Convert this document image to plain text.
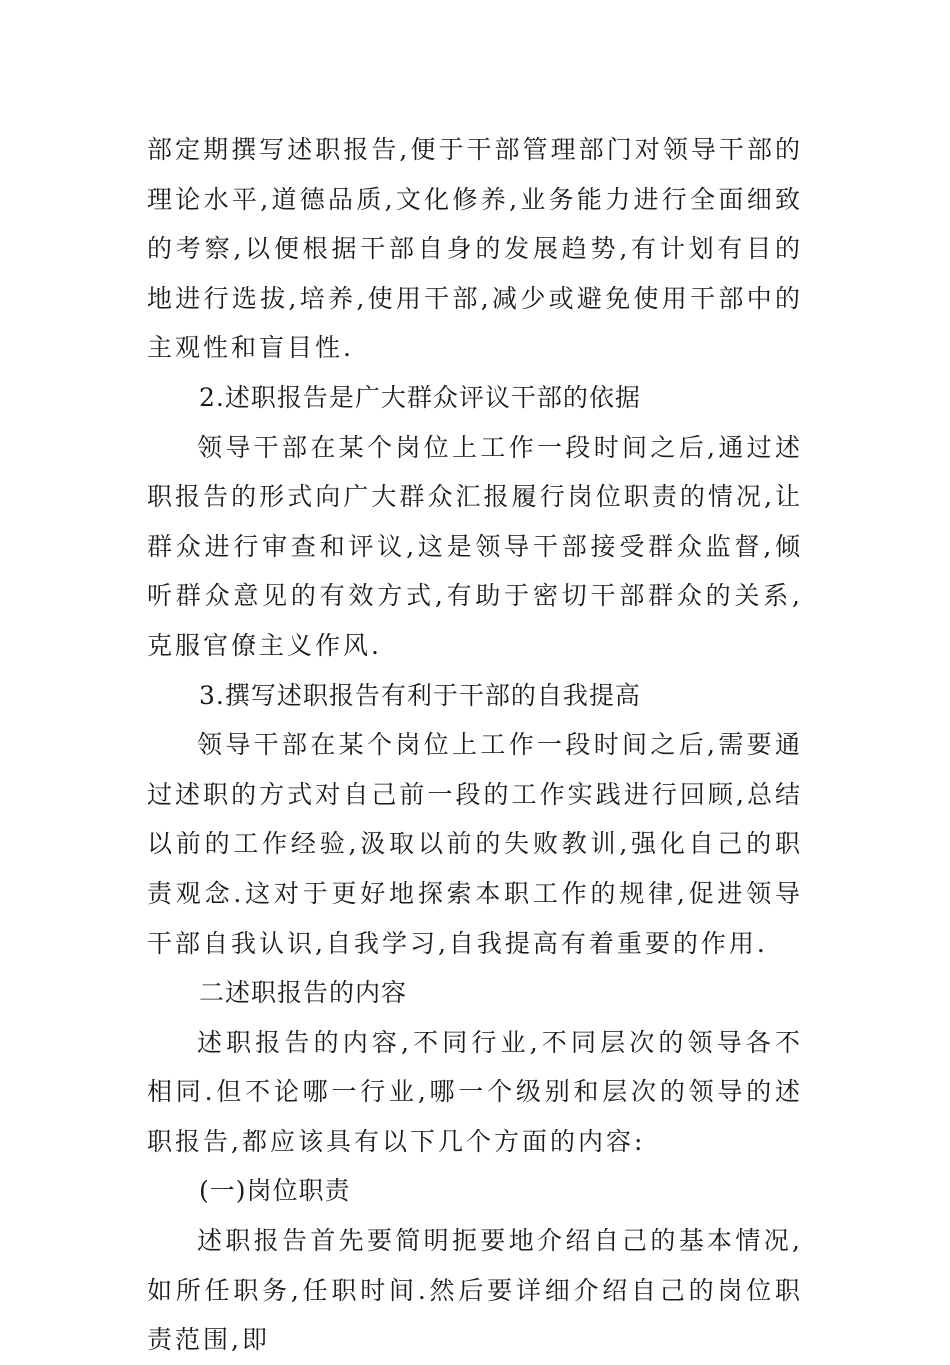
部定期撰写述职报告,便于干部管理部门对领导干部的理论水平,道德品质,文化修养,业务能力进行全面细致的考察,以便根据干部自身的发展趋势,有计划有目的地进行选拔,培养,使用干部,减少或避免使用干部中的主观性和盲目性.

2.述职报告是广大群众评议干部的依据

领导干部在某个岗位上工作一段时间之后,通过述职报告的形式向广大群众汇报履行岗位职责的情况,让群众进行审查和评议,这是领导干部接受群众监督,倾听群众意见的有效方式,有助于密切干部群众的关系,克服官僚主义作风.

3.撰写述职报告有利于干部的自我提高

领导干部在某个岗位上工作一段时间之后,需要通过述职的方式对自己前一段的工作实践进行回顾,总结以前的工作经验,汲取以前的失败教训,强化自己的职责观念.这对于更好地探索本职工作的规律,促进领导干部自我认识,自我学习,自我提高有着重要的作用.

二述职报告的内容

述职报告的内容,不同行业,不同层次的领导各不相同.但不论哪一行业,哪一个级别和层次的领导的述职报告,都应该具有以下几个方面的内容:

(一)岗位职责

述职报告首先要简明扼要地介绍自己的基本情况,如所任职务,任职时间.然后要详细介绍自己的岗位职责范围,即
